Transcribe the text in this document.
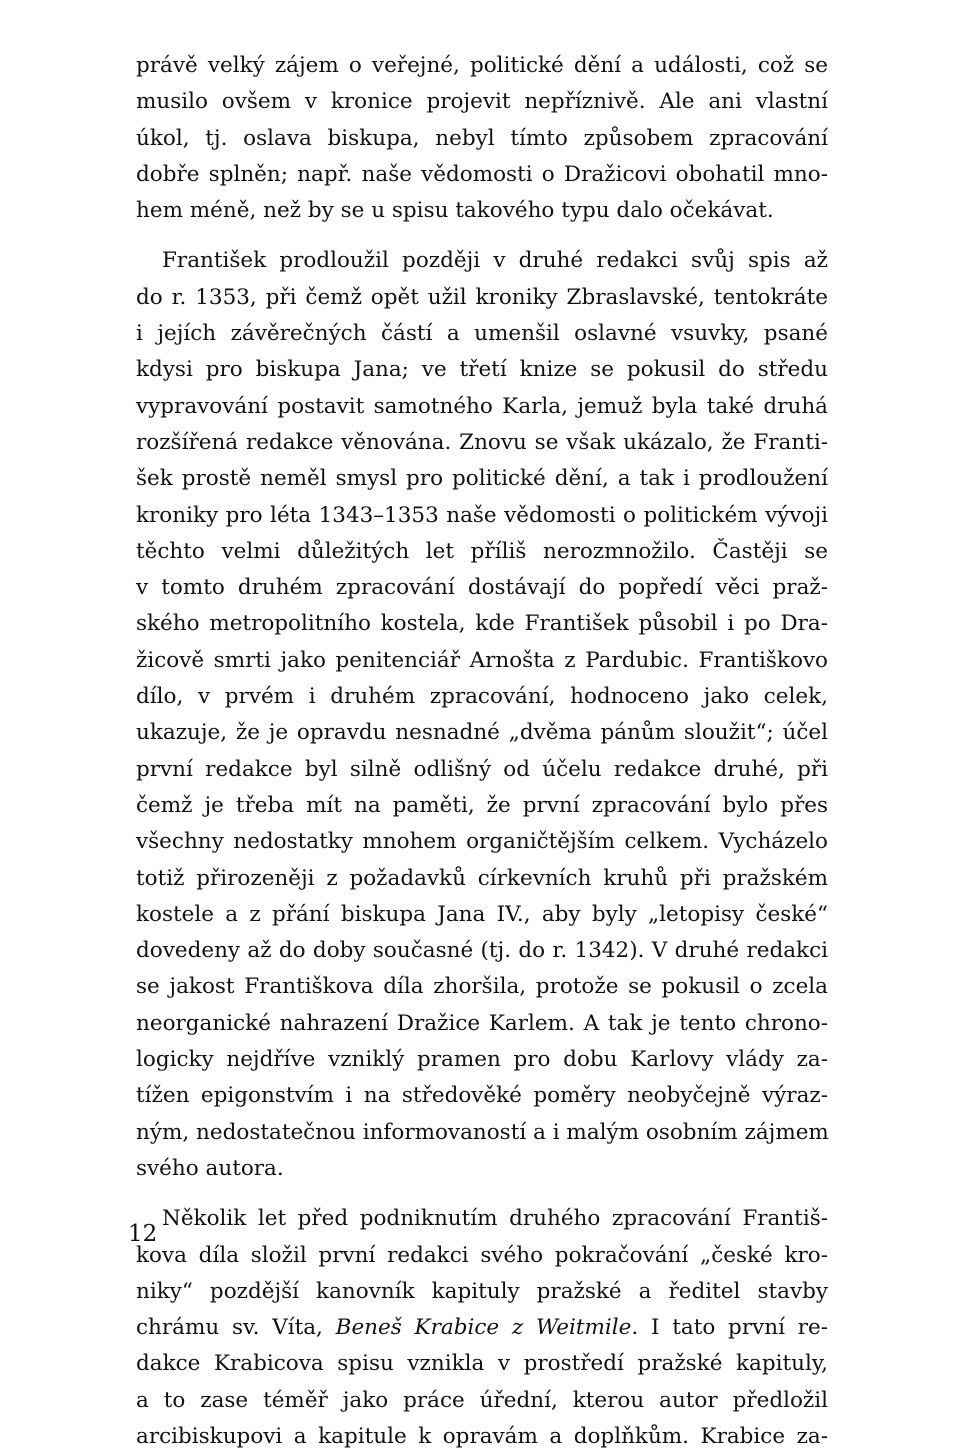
právě velký zájem o veřejné, politické dění a události, což se
musilo ovšem v kronice projevit nepříznivě. Ale ani vlastní
úkol, tj. oslava biskupa, nebyl tímto způsobem zpracování
dobře splněn; např. naše vědomosti o Dražicovi obohatil mno-
hem méně, než by se u spisu takového typu dalo očekávat.
František prodloužil později v druhé redakci svůj spis až
do r. 1353, při čemž opět užil kroniky Zbraslavské, tentokráte
i jejích závěrečných částí a umenšil oslavné vsuvky, psané
kdysi pro biskupa Jana; ve třetí knize se pokusil do středu
vypravování postavit samotného Karla, jemuž byla také druhá
rozšířená redakce věnována. Znovu se však ukázalo, že Franti-
šek prostě neměl smysl pro politické dění, a tak i prodloužení
kroniky pro léta 1343–1353 naše vědomosti o politickém vývoji
těchto velmi důležitých let příliš nerozmnožilo. Častěji se
v tomto druhém zpracování dostávají do popředí věci praž-
ského metropolitního kostela, kde František působil i po Dra-
žicově smrti jako penitenciář Arnošta z Pardubic. Františkovo
dílo, v prvém i druhém zpracování, hodnoceno jako celek,
ukazuje, že je opravdu nesnadné „dvěma pánům sloužit“; účel
první redakce byl silně odlišný od účelu redakce druhé, při
čemž je třeba mít na paměti, že první zpracování bylo přes
všechny nedostatky mnohem organičtějším celkem. Vycházelo
totiž přirozeněji z požadavků církevních kruhů při pražském
kostele a z přání biskupa Jana IV., aby byly „letopisy české“
dovedeny až do doby současné (tj. do r. 1342). V druhé redakci
se jakost Františkova díla zhoršila, protože se pokusil o zcela
neorganické nahrazení Dražice Karlem. A tak je tento chrono-
logicky nejdříve vzniklý pramen pro dobu Karlovy vlády za-
tížen epigonstvím i na středověké poměry neobyčejně výraz-
ným, nedostatečnou informovaností a i malým osobním zájmem
svého autora.
Několik let před podniknutím druhého zpracování Františ-
kova díla složil první redakci svého pokračování „české kro-
niky“ pozdější kanovník kapituly pražské a ředitel stavby
chrámu sv. Víta, Beneš Krabice z Weitmile. I tato první re-
dakce Krabicova spisu vznikla v prostředí pražské kapituly,
a to zase téměř jako práce úřední, kterou autor předložil
arcibiskupovi a kapitule k opravám a doplňkům. Krabice za-
12
